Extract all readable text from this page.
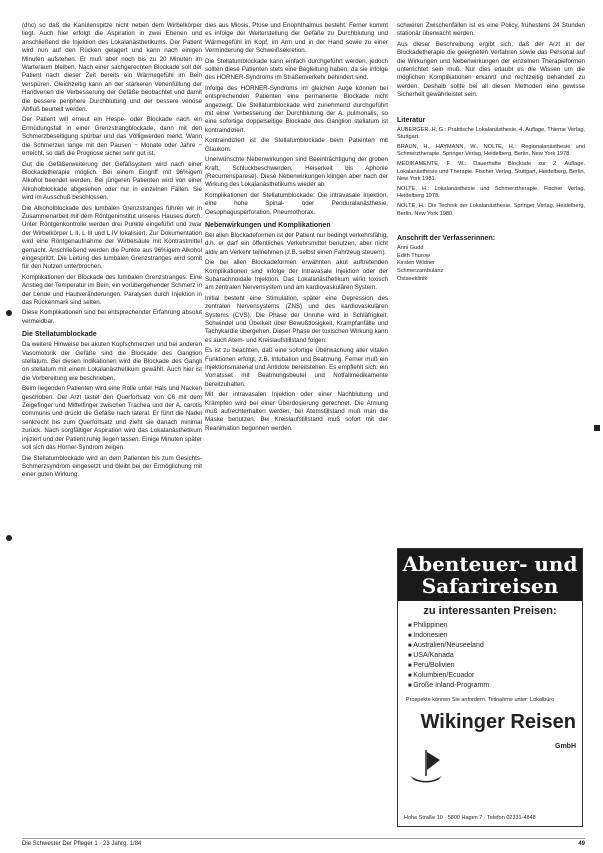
(dnc) so daß die Kanülenspitze nicht neben dem Wirbelkörper liegt. Auch hier erfolgt die Aspiration in zwei Ebenen und anschließend die Injektion des Lokalanästhetikums. Der Patient wird nun auf den Rücken gelagert und kann nach einigen Minuten aufstehen. Er muß aber noch bis zu 20 Minuten im Warteraum bleiben. Nach einer sachgerechten Blockade soll der Patient nach dieser Zeit bereits ein Wärmegefühl im Bein verspüren. Gleichzeitig kann an der stärkeren Venenfüllung der Handvenen die Verbesserung der Gefäße beobachtet und damit die bessere periphere Durchblutung und der bessere venöse Abfluß beurteilt werden.

Der Patient will erneut ein Hespe- oder Blockade nach ein Ermüdungsfall in einer Grenzstrangblockade, dann mit den Schmerzbeseitigung spürbar und das Völligwerden merkt. Wann die Schmerzen lange mit den Pausen − Monate oder Jahre − erreicht, so daß die Prognose sicher sehr gut ist.

Gut die Gefäßerweiterung der Gefäßsystem wird nach einer Blockadetherapie möglich. Bei einem Eingriff mit 96%igem Alkohol beendet werden. Bei jüngeren Patienten wird von einer Alkoholblockade abgesehen oder nur in einzelnen Fällen. Sie wird im Ausschuß beschlossen.

Die Alkoholblockade des lumbalen Grenzstranges führen wir in Zusammenarbeit mit dem Röntgeninstitut unseres Hauses durch. Unter Röntgenkontrolle werden drei Punkte eingeführt und zwar der Wirbelkörper L II, L III und L IV lokalisiert. Zur Dokumentation wird eine Röntgenaufnahme der Wirbelsäule mit Kontrastmittel gemacht. Anschließend werden die Punkte aus 96%igem Alkohol eingespritzt. Die Leitung des lumbalen Grenzstranges wird somit für den Nutzen unterbrochen.

Komplikationen der Blockade des lumbalen Grenzstranges: Eine Anstieg der Temperatur im Bein, ein vorübergehender Schmerz in der Lende und Hautveränderungen. Paralysen durch Injektion in das Rückenmark sind selten.

Diese Komplikationen sind bei entsprechender Erfahrung absolut vermeidbar.

Die Stellatumblockade

Da weitere Hinweise bei akuten Kopfschmerzen und bei anderen Vasomotorik der Gefäße sind die Blockade des Ganglion stellatum. Bei diesen Indikationen wird die Blockade des Gangli on stellatum mit einem Lokalanästhetikum gewählt. Auch hier ist die Vorbereitung wie beschrieben.

Beim liegenden Patienten wird eine Rolle unter Hals und Nacken geschoben. Der Arzt tastet den Querfortsatz von C6 mit dem Zeigefinger und Mittelfinger zwischen Trachea und der A. carotis communis und drückt die Gefäße nach lateral. Er führt die Nadel senkrecht bis zum Querfortsatz und zieht sie danach minimal zurück. Nach sorgfältiger Aspiration wird das Lokalanästhetikum injiziert und der Patient ruhig liegen lassen. Einige Minuten später soll sich das Horner-Syndrom zeigen.

Die Stellatumblockade wird an dem Patienten bis zum Gesichts-Schmerzsyndrom eingesetzt und bleibt bei der Ermöglichung mit einer guten Wirkung.

dies aus Miosis, Ptose und Enophthalmus besteht. Ferner kommt es infolge der Weiterstellung der Gefäße zu Durchblutung und Wärmegefühl im Kopf, im Arm und in der Hand sowie zu einer Verminderung der Schweißsekretion.

Die Stellatumblockade kann einfach durchgeführt werden, jedoch sollten diese Patienten stets eine Begleitung haben, da sie infolge des HORNER-Syndroms im Straßenverkehr behindert sind.

Infolge des HORNER-Syndroms im gleichen Auge können bei entsprechenden Patienten eine permanente Blockade nicht angezeigt. Die Stellatumblockade wird zunehmend durchgeführt mit einer Verbesserung der Durchblutung der A. pulmonalis, so eine sofortige doppelseitige Blockade des Ganglion stellatum ist kontraindiziert.

Kontraindiziert ist die Stellatumblockade beim Patienten mit Glaukom.

Unerwünschte Nebenwirkungen sind Beeinträchtigung der groben Kraft, Schluckbeschwerden, Heiserkeit bis Aphonie (Recurrensparese). Diese Nebenwirkungen klingen aber nach der Wirkung des Lokalanästhetikums wieder ab.

Komplikationen der Stellatumblockade: Die intravasale Injektion, eine hohe Spinal- oder Periduralanästhesie, Oesophagusperforation, Pneumothorax.

Nebenwirkungen und Komplikationen

Bei allen Blockadeformen ist der Patient nur bedingt verkehrsfähig, d.h. er darf ein öffentliches Verkehrsmittel benutzen, aber nicht aktiv am Verkehr teilnehmen (z.B. selbst einen Fahrzeug steuern).

Die bei allen Blockadeformen erwähnten akut auftretenden Komplikationen sind infolge der Intravasale Injektion oder der Subarachnoidale Injektion. Das Lokalanästhetikum wirkt toxisch am zentralen Nervensystem und am kardiovaskulären System.

Initial besteht eine Stimulation, später eine Depression des zentralen Nervensystems (ZNS) und des kardiovaskulären Systems (CVS). Die Phase der Unruhe wird in Schläfrigkeit, Schwindel und Übelkeit über Bewußtlosigkeit, Krampfanfälle und Tachykardie übergehen. Dieser Phase der toxischen Wirkung kann es auch Atem- und Kreislaufstillstand folgen.

Es ist zu beachten, daß eine sofortige Überwachung aller vitalen Funktionen erfolgt, z.B. Intubation und Beatmung. Ferner muß ein Injektionsmaterial und Antidote bereitstehen. Es empfiehlt sich, ein Vorratsset mit Beatmungsbeutel und Notfallmedikamente bereitzuhalten.

Mit der intravasalen Injektion oder einer Nachblutung und Krämpfen wird bei einer Überdosierung gerechnet. Die Atmung muß aufrechterhalten werden, bei Atemstillstand muß man die Maske benutzen. Bei Kreislaufstillstand muß sofort mit der Reanimation begonnen werden.

schweren Zwischenfällen ist es eine Policy, frühestens 24 Stunden stationär überwacht werden.

Aus dieser Beschreibung ergibt sich, daß der Arzt in der Blockadetherapie die geeigneten Verfahren sowie das Personal auf die Wirkungen und Nebenwirkungen der einzelnen Therapieformen unterrichtet sein muß. Nur dies erlaubt es die Wissen um die möglichen Komplikationen erkannt und rechtzeitig behandelt zu werden. Deshalb sollte bei all diesen Methoden eine gewisse Sicherheit gewährleistet sein.

Literatur

AUBERGER, H. G.: Praktische Lokalanästhesie. 4. Auflage, Thieme Verlag, Stuttgart.

BRAUN, H., HAYMANN, W., NOLTE, H.: Regionalanästhesie und Schmerztherapie. Springer Verlag, Heidelberg, Berlin, New York 1978.

MEDIKAMENTE, F. W.: Dauerhafte Blockade zur 2. Auflage. Lokalanästhesie und Therapie. Fischer Verlag, Stuttgart, Heidelberg, Berlin, New York 1981.

NOLTE, H.: Lokalanästhesie und Schmerztherapie. Fischer Verlag, Heidelberg 1978.

NOLTE, H.: Die Technik der Lokalanästhesie. Springer Verlag, Heidelberg, Berlin, New York 1980.

Anschrift der Verfasserinnen:
Anni Gudd
Edith Thurow
Kirsten Wildner
Schmerzambulanz
Ostseeklinik
Abenteuer- und Safarireisen
zu interessanten Preisen:
■ Philippinen
■ Indonesien
■ Australien/Neuseeland
■ USA/Kanada
■ Peru/Bolivien
■ Kolumbien/Ecuador
■ Große Inland-Programm
Prospekte können Sie anfordern. Teilnahme unter: Lokalbüro
Wikinger Reisen GmbH
Hohe Straße 10 · 5800 Hagen 7 · Telefon 02331-4848
Die Schwester Der Pfleger 1 · 23 Jahrg. 1/84	49
